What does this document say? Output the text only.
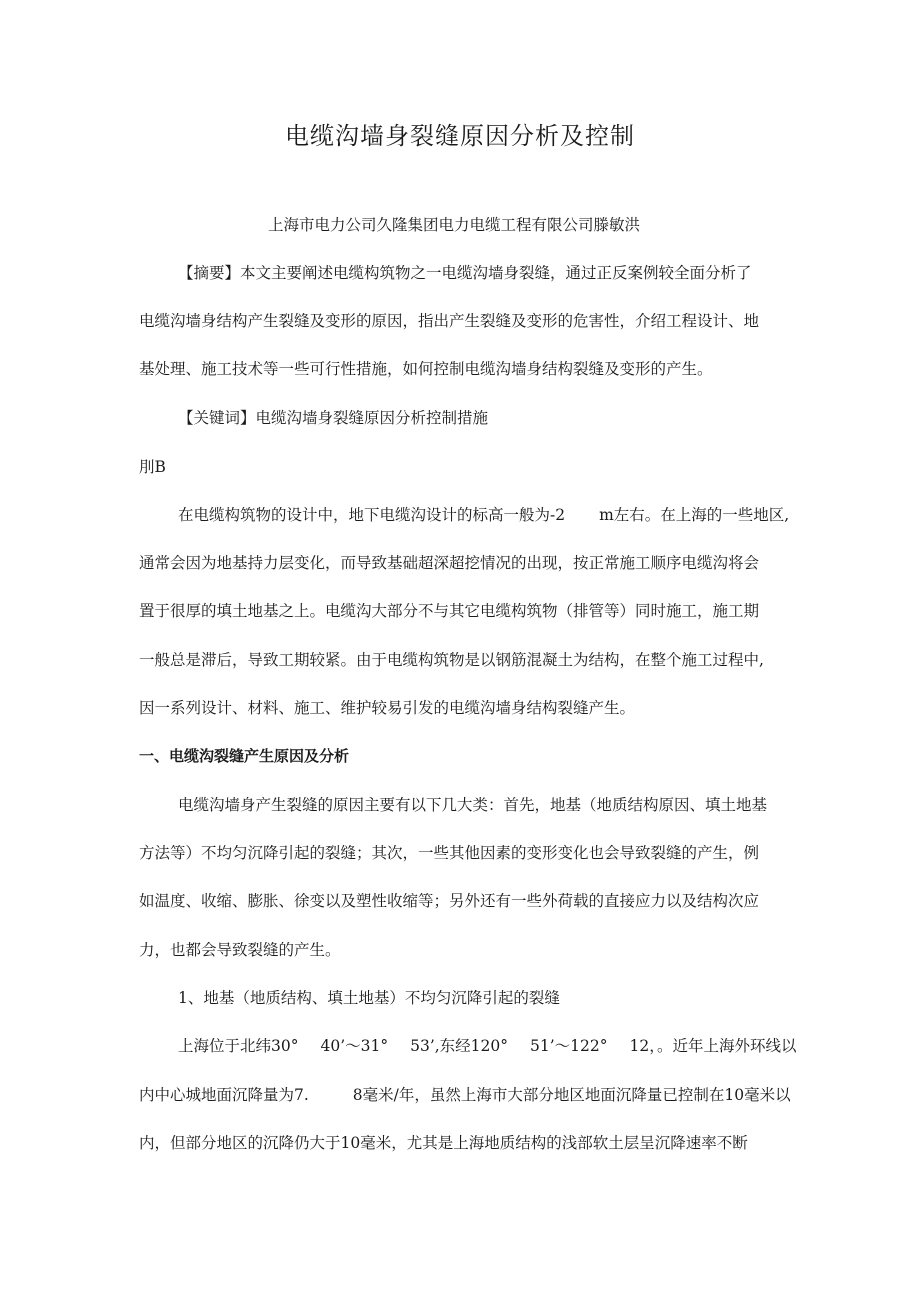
电缆沟墙身裂缝原因分析及控制
上海市电力公司久隆集团电力电缆工程有限公司滕敏洪
【摘要】本文主要阐述电缆构筑物之一电缆沟墙身裂缝，通过正反案例较全面分析了
电缆沟墙身结构产生裂缝及变形的原因，指出产生裂缝及变形的危害性，介绍工程设计、地
基处理、施工技术等一些可行性措施，如何控制电缆沟墙身结构裂缝及变形的产生。
【关键词】电缆沟墙身裂缝原因分析控制措施
刖B
在电缆构筑物的设计中，地下电缆沟设计的标高一般为-2 m左右。在上海的一些地区,
通常会因为地基持力层变化，而导致基础超深超挖情况的出现，按正常施工顺序电缆沟将会
置于很厚的填土地基之上。电缆沟大部分不与其它电缆构筑物（排管等）同时施工，施工期
一般总是滞后，导致工期较紧。由于电缆构筑物是以钢筋混凝土为结构，在整个施工过程中,
因一系列设计、材料、施工、维护较易引发的电缆沟墙身结构裂缝产生。
一、电缆沟裂缝产生原因及分析
电缆沟墙身产生裂缝的原因主要有以下几大类：首先，地基（地质结构原因、填土地基
方法等）不均匀沉降引起的裂缝；其次，一些其他因素的变形变化也会导致裂缝的产生，例
如温度、收缩、膨胀、徐变以及塑性收缩等；另外还有一些外荷载的直接应力以及结构次应
力，也都会导致裂缝的产生。
1、地基（地质结构、填土地基）不均匀沉降引起的裂缝
上海位于北纬30° 40’～31° 53’,东经120° 51’～122° 12，。近年上海外环线以
内中心城地面沉降量为7.	8毫米/年，虽然上海市大部分地区地面沉降量已控制在10毫米以
内，但部分地区的沉降仍大于10毫米，尤其是上海地质结构的浅部软土层呈沉降速率不断
